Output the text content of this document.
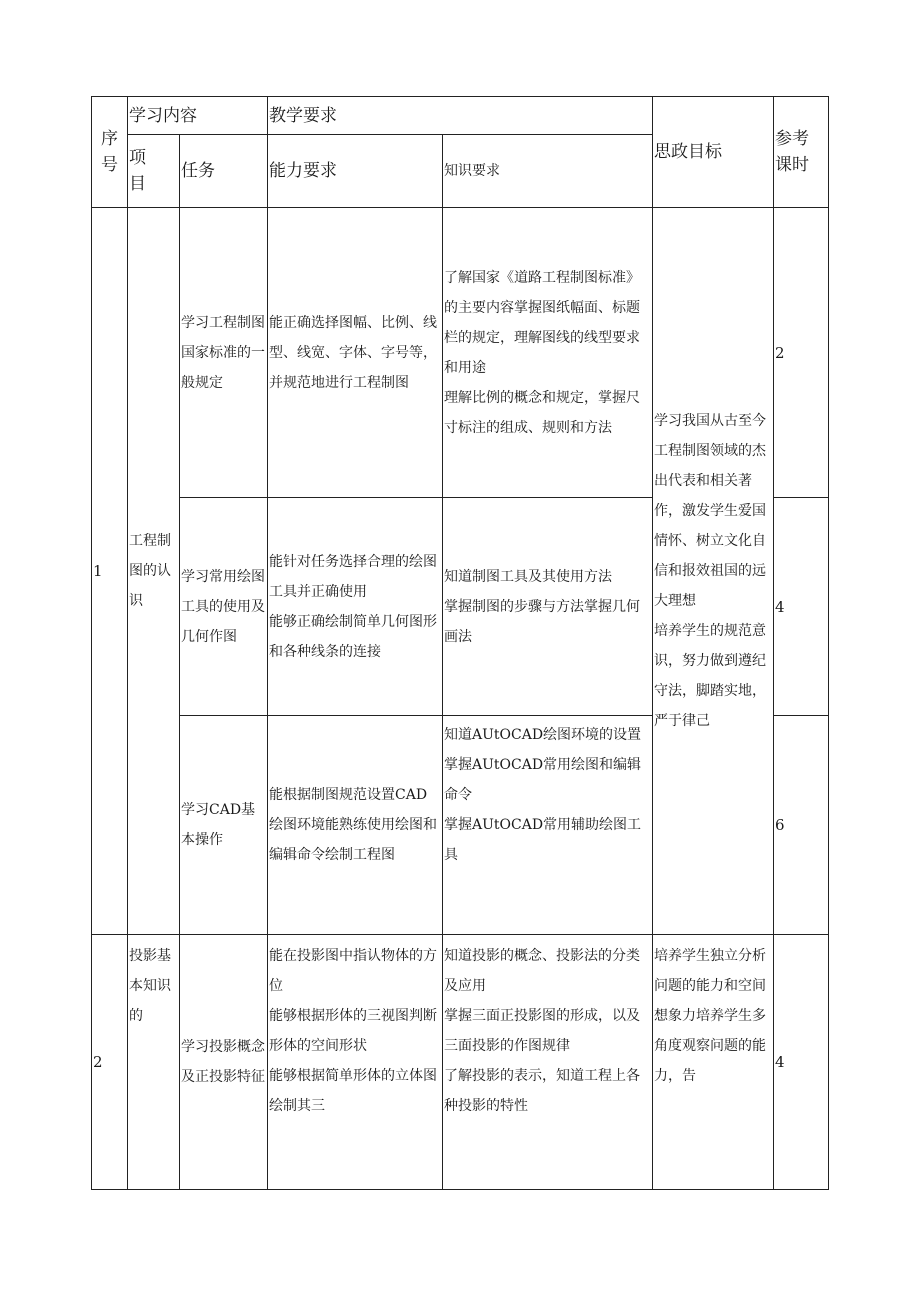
序号	学习内容		教学要求		思政目标	参考课时

	项目	任务	能力要求	知识要求		
1	工程制图的认识	学习工程制图国家标准的一般规定	能正确选择图幅、比例、线型、线宽、字体、字号等，并规范地进行工程制图	了解国家《道路工程制图标准》的主要内容掌握图纸幅面、标题栏的规定，理解图线的线型要求和用途
理解比例的概念和规定，掌握尺寸标注的组成、规则和方法	学习我国从古至今工程制图领域的杰出代表和相关著作，激发学生爱国情怀、树立文化自信和报效祖国的远大理想
培养学生的规范意识，努力做到遵纪守法，脚踏实地，严于律己	2

		学习常用绘图工具的使用及几何作图	能针对任务选择合理的绘图工具并正确使用
能够正确绘制简单几何图形和各种线条的连接	知道制图工具及其使用方法
掌握制图的步骤与方法掌握几何画法		4

		学习CAD基本操作	能根据制图规范设置CAD绘图环境能熟练使用绘图和编辑命令绘制工程图	知道AUtOCAD绘图环境的设置
掌握AUtOCAD常用绘图和编辑命令
掌握AUtOCAD常用辅助绘图工具		6
2	投影基本知识的	学习投影概念及正投影特征	能在投影图中指认物体的方位
能够根据形体的三视图判断形体的空间形状
能够根据简单形体的立体图绘制其三	知道投影的概念、投影法的分类及应用
掌握三面正投影图的形成，以及三面投影的作图规律
了解投影的表示，知道工程上各种投影的特性	培养学生独立分析问题的能力和空间想象力培养学生多角度观察问题的能力，告	4
